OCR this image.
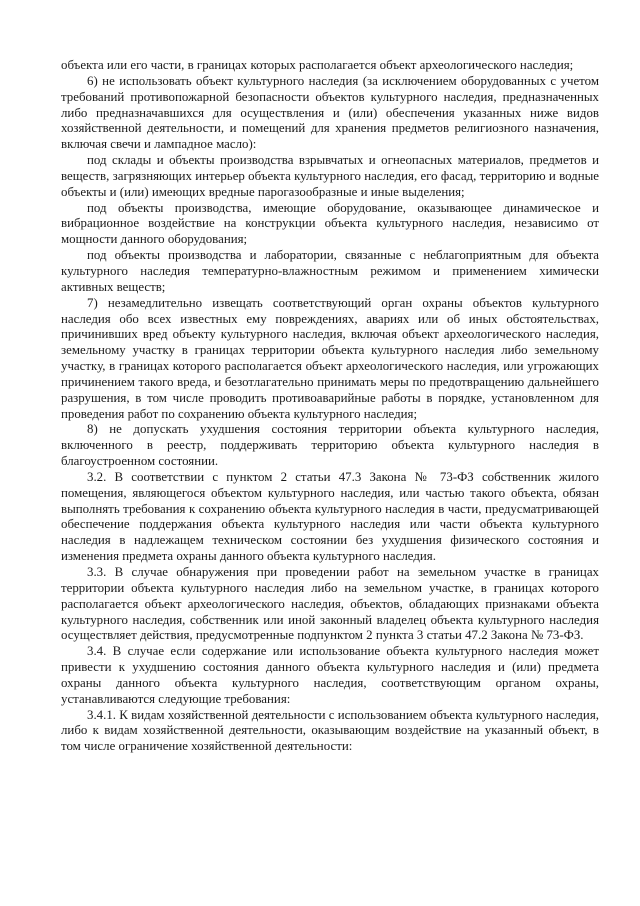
объекта или его части, в границах которых располагается объект археологического наследия;

6) не использовать объект культурного наследия (за исключением оборудованных с учетом требований противопожарной безопасности объектов культурного наследия, предназначенных либо предназначавшихся для осуществления и (или) обеспечения указанных ниже видов хозяйственной деятельности, и помещений для хранения предметов религиозного назначения, включая свечи и лампадное масло):

под склады и объекты производства взрывчатых и огнеопасных материалов, предметов и веществ, загрязняющих интерьер объекта культурного наследия, его фасад, территорию и водные объекты и (или) имеющих вредные парогазообразные и иные выделения;

под объекты производства, имеющие оборудование, оказывающее динамическое и вибрационное воздействие на конструкции объекта культурного наследия, независимо от мощности данного оборудования;

под объекты производства и лаборатории, связанные с неблагоприятным для объекта культурного наследия температурно-влажностным режимом и применением химически активных веществ;

7) незамедлительно извещать соответствующий орган охраны объектов культурного наследия обо всех известных ему повреждениях, авариях или об иных обстоятельствах, причинивших вред объекту культурного наследия, включая объект археологического наследия, земельному участку в границах территории объекта культурного наследия либо земельному участку, в границах которого располагается объект археологического наследия, или угрожающих причинением такого вреда, и безотлагательно принимать меры по предотвращению дальнейшего разрушения, в том числе проводить противоаварийные работы в порядке, установленном для проведения работ по сохранению объекта культурного наследия;

8) не допускать ухудшения состояния территории объекта культурного наследия, включенного в реестр, поддерживать территорию объекта культурного наследия в благоустроенном состоянии.

3.2. В соответствии с пунктом 2 статьи 47.3 Закона № 73-ФЗ собственник жилого помещения, являющегося объектом культурного наследия, или частью такого объекта, обязан выполнять требования к сохранению объекта культурного наследия в части, предусматривающей обеспечение поддержания объекта культурного наследия или части объекта культурного наследия в надлежащем техническом состоянии без ухудшения физического состояния и изменения предмета охраны данного объекта культурного наследия.

3.3. В случае обнаружения при проведении работ на земельном участке в границах территории объекта культурного наследия либо на земельном участке, в границах которого располагается объект археологического наследия, объектов, обладающих признаками объекта культурного наследия, собственник или иной законный владелец объекта культурного наследия осуществляет действия, предусмотренные подпунктом 2 пункта 3 статьи 47.2 Закона № 73-ФЗ.

3.4. В случае если содержание или использование объекта культурного наследия может привести к ухудшению состояния данного объекта культурного наследия и (или) предмета охраны данного объекта культурного наследия, соответствующим органом охраны, устанавливаются следующие требования:

3.4.1. К видам хозяйственной деятельности с использованием объекта культурного наследия, либо к видам хозяйственной деятельности, оказывающим воздействие на указанный объект, в том числе ограничение хозяйственной деятельности:
